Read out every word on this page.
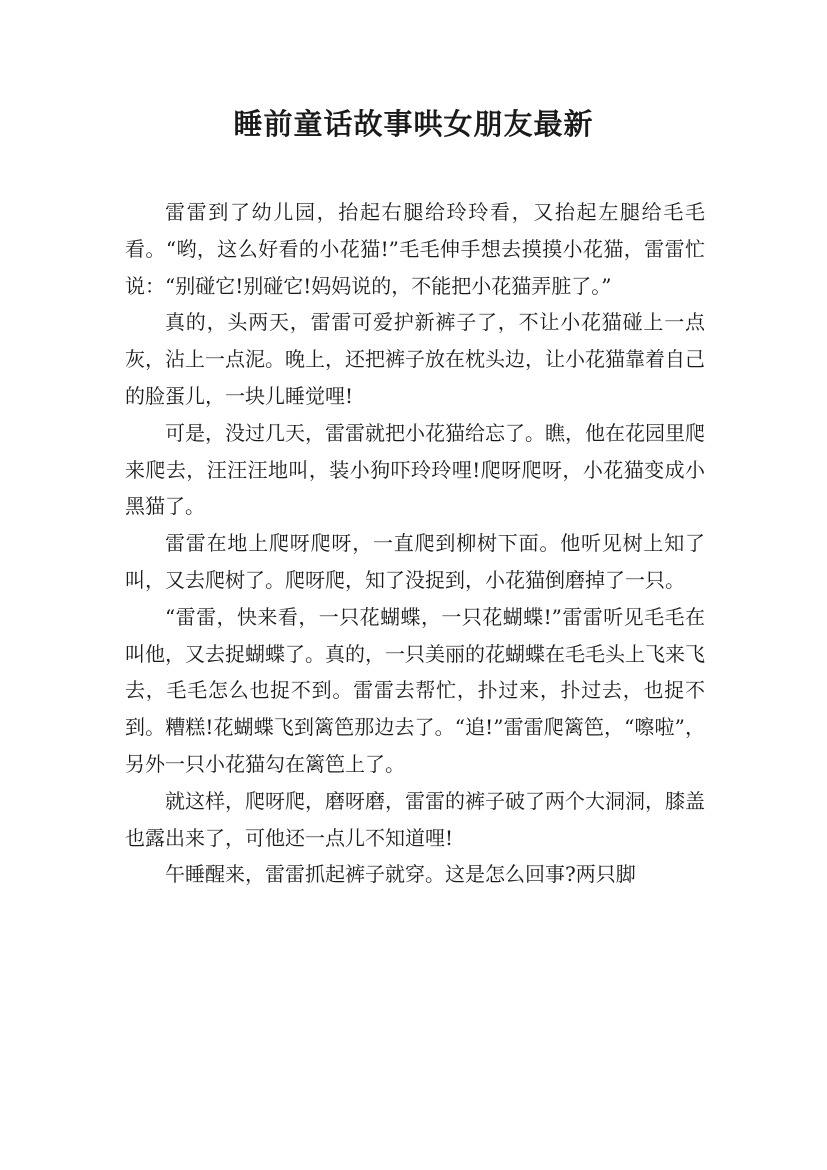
睡前童话故事哄女朋友最新

雷雷到了幼儿园，抬起右腿给玲玲看，又抬起左腿给毛毛看。“哟，这么好看的小花猫!”毛毛伸手想去摸摸小花猫，雷雷忙说：“别碰它!别碰它!妈妈说的，不能把小花猫弄脏了。”

真的，头两天，雷雷可爱护新裤子了，不让小花猫碰上一点灰，沾上一点泥。晚上，还把裤子放在枕头边，让小花猫靠着自己的脸蛋儿，一块儿睡觉哩!

可是，没过几天，雷雷就把小花猫给忘了。瞧，他在花园里爬来爬去，汪汪汪地叫，装小狗吓玲玲哩!爬呀爬呀，小花猫变成小黑猫了。

雷雷在地上爬呀爬呀，一直爬到柳树下面。他听见树上知了叫，又去爬树了。爬呀爬，知了没捉到，小花猫倒磨掉了一只。

“雷雷，快来看，一只花蝴蝶，一只花蝴蝶!”雷雷听见毛毛在叫他，又去捉蝴蝶了。真的，一只美丽的花蝴蝶在毛毛头上飞来飞去，毛毛怎么也捉不到。雷雷去帮忙，扑过来，扑过去，也捉不到。糟糕!花蝴蝶飞到篱笆那边去了。“追!”雷雷爬篱笆，“嚓啦”，另外一只小花猫勾在篱笆上了。

就这样，爬呀爬，磨呀磨，雷雷的裤子破了两个大洞洞，膝盖也露出来了，可他还一点儿不知道哩!

午睡醒来，雷雷抓起裤子就穿。这是怎么回事?两只脚
